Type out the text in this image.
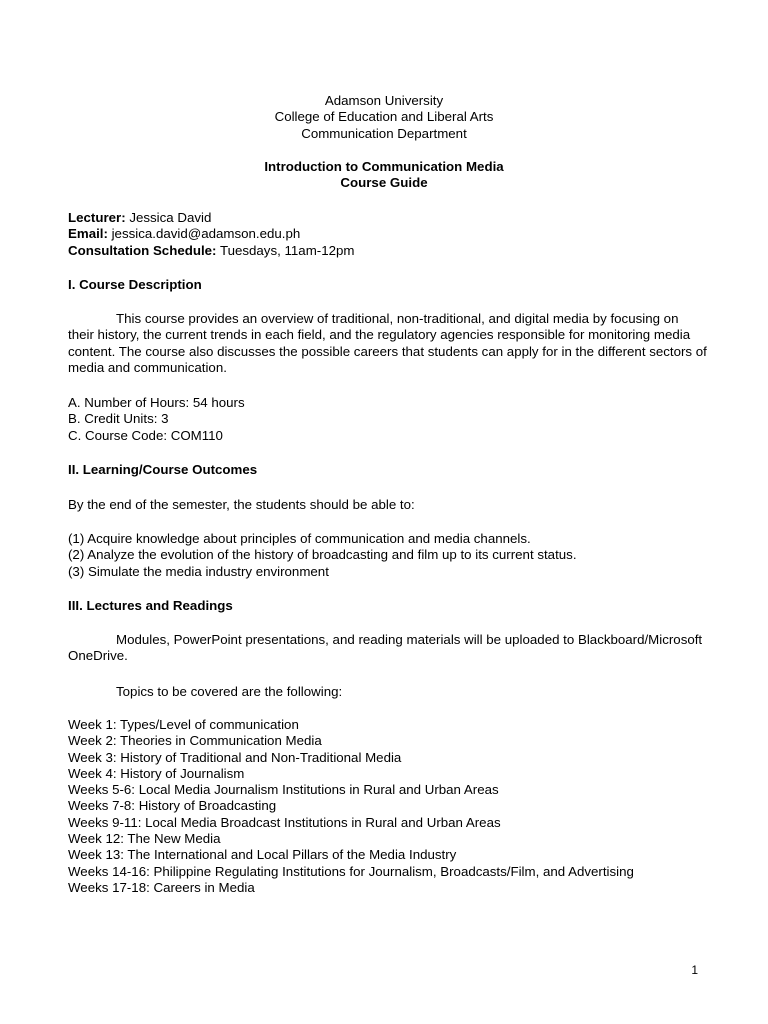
Adamson University
College of Education and Liberal Arts
Communication Department
Introduction to Communication Media
Course Guide
Lecturer: Jessica David
Email: jessica.david@adamson.edu.ph
Consultation Schedule: Tuesdays, 11am-12pm
I. Course Description
This course provides an overview of traditional, non-traditional, and digital media by focusing on their history, the current trends in each field, and the regulatory agencies responsible for monitoring media content. The course also discusses the possible careers that students can apply for in the different sectors of media and communication.
A. Number of Hours: 54 hours
B. Credit Units: 3
C. Course Code: COM110
II. Learning/Course Outcomes
By the end of the semester, the students should be able to:
(1) Acquire knowledge about principles of communication and media channels.
(2) Analyze the evolution of the history of broadcasting and film up to its current status.
(3) Simulate the media industry environment
III. Lectures and Readings
Modules, PowerPoint presentations, and reading materials will be uploaded to Blackboard/Microsoft OneDrive.
Topics to be covered are the following:
Week 1: Types/Level of communication
Week 2: Theories in Communication Media
Week 3: History of Traditional and Non-Traditional Media
Week 4: History of Journalism
Weeks 5-6: Local Media Journalism Institutions in Rural and Urban Areas
Weeks 7-8: History of Broadcasting
Weeks 9-11: Local Media Broadcast Institutions in Rural and Urban Areas
Week 12: The New Media
Week 13: The International and Local Pillars of the Media Industry
Weeks 14-16: Philippine Regulating Institutions for Journalism, Broadcasts/Film, and Advertising
Weeks 17-18: Careers in Media
1
